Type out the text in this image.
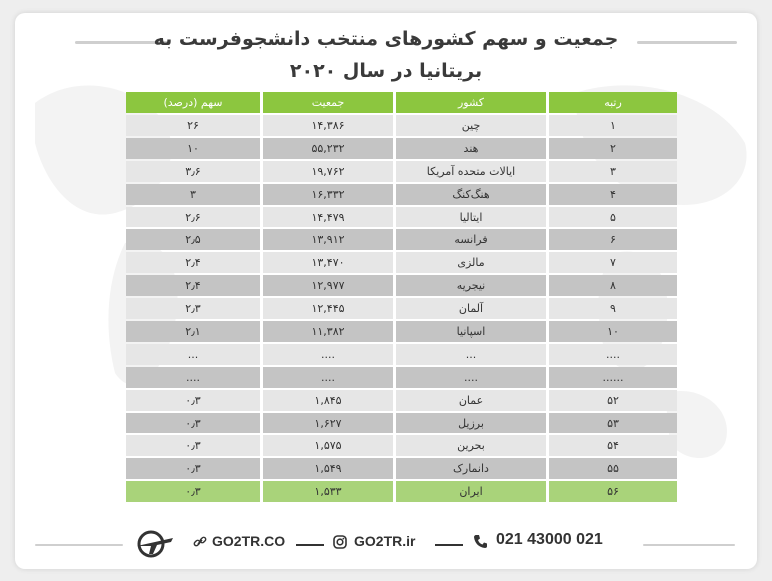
جمعیت و سهم کشورهای منتخب دانشجوفرست به
بریتانیا در سال ۲۰۲۰
رتبه	کشور	جمعیت	سهم (درصد)
۱	چین	۱۴,۳۸۶	۲۶
۲	هند	۵۵,۲۳۲	۱۰
۳	ایالات متحده آمریکا	۱۹,۷۶۲	۳٫۶
۴	هنگ‌کنگ	۱۶,۳۳۲	۳
۵	ایتالیا	۱۴,۴۷۹	۲٫۶
۶	فرانسه	۱۳,۹۱۲	۲٫۵
۷	مالزی	۱۳,۴۷۰	۲٫۴
۸	نیجریه	۱۲,۹۷۷	۲٫۴
۹	آلمان	۱۲,۴۴۵	۲٫۳
۱۰	اسپانیا	۱۱,۳۸۲	۲٫۱
....	...	....	...
......	....	....	....
۵۲	عمان	۱,۸۴۵	۰٫۳
۵۳	برزیل	۱,۶۲۷	۰٫۳
۵۴	بحرین	۱,۵۷۵	۰٫۳
۵۵	دانمارک	۱,۵۴۹	۰٫۳
۵۶	ایران	۱,۵۳۳	۰٫۳
GO2TR.CO	GO2TR.ir	021 43000 021
